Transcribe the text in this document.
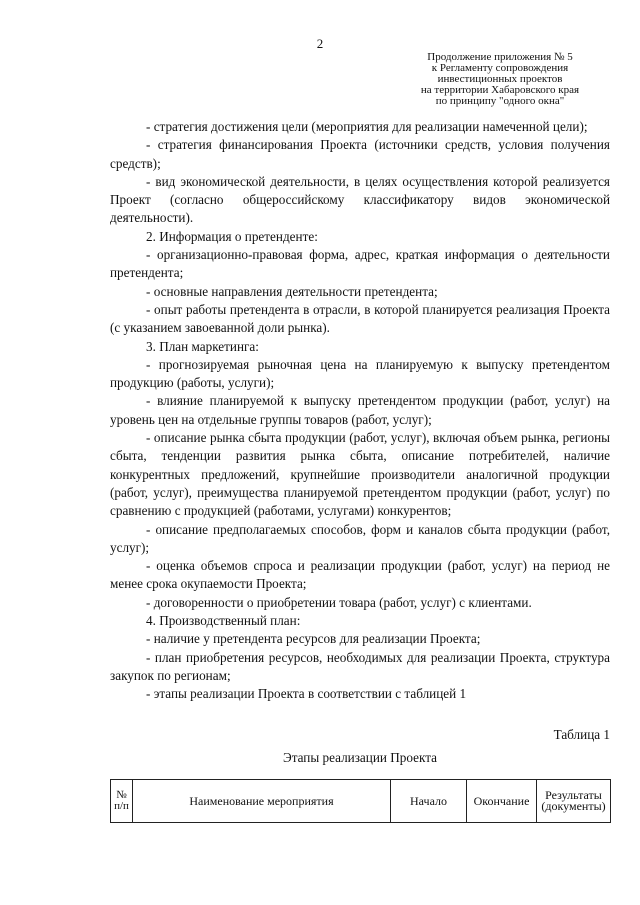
2
Продолжение приложения № 5
к Регламенту сопровождения
инвестиционных проектов
на территории Хабаровского края
по принципу "одного окна"

- стратегия достижения цели (мероприятия для реализации намеченной цели);

- стратегия финансирования Проекта (источники средств, условия получения средств);

- вид экономической деятельности, в целях осуществления которой реализуется Проект (согласно общероссийскому классификатору видов экономической деятельности).

2. Информация о претенденте:

- организационно-правовая форма, адрес, краткая информация о деятельности претендента;

- основные направления деятельности претендента;

- опыт работы претендента в отрасли, в которой планируется реализация Проекта (с указанием завоеванной доли рынка).

3. План маркетинга:

- прогнозируемая рыночная цена на планируемую к выпуску претендентом продукцию (работы, услуги);

- влияние планируемой к выпуску претендентом продукции (работ, услуг) на уровень цен на отдельные группы товаров (работ, услуг);

- описание рынка сбыта продукции (работ, услуг), включая объем рынка, регионы сбыта, тенденции развития рынка сбыта, описание потребителей, наличие конкурентных предложений, крупнейшие производители аналогичной продукции (работ, услуг), преимущества планируемой претендентом продукции (работ, услуг) по сравнению с продукцией (работами, услугами) конкурентов;

- описание предполагаемых способов, форм и каналов сбыта продукции (работ, услуг);

- оценка объемов спроса и реализации продукции (работ, услуг) на период не менее срока окупаемости Проекта;

- договоренности о приобретении товара (работ, услуг) с клиентами.

4. Производственный план:

- наличие у претендента ресурсов для реализации Проекта;

- план приобретения ресурсов, необходимых для реализации Проекта, структура закупок по регионам;

- этапы реализации Проекта в соответствии с таблицей 1

Таблица 1
Этапы реализации Проекта
№ п/п	Наименование мероприятия	Начало	Окончание	Результаты (документы)
